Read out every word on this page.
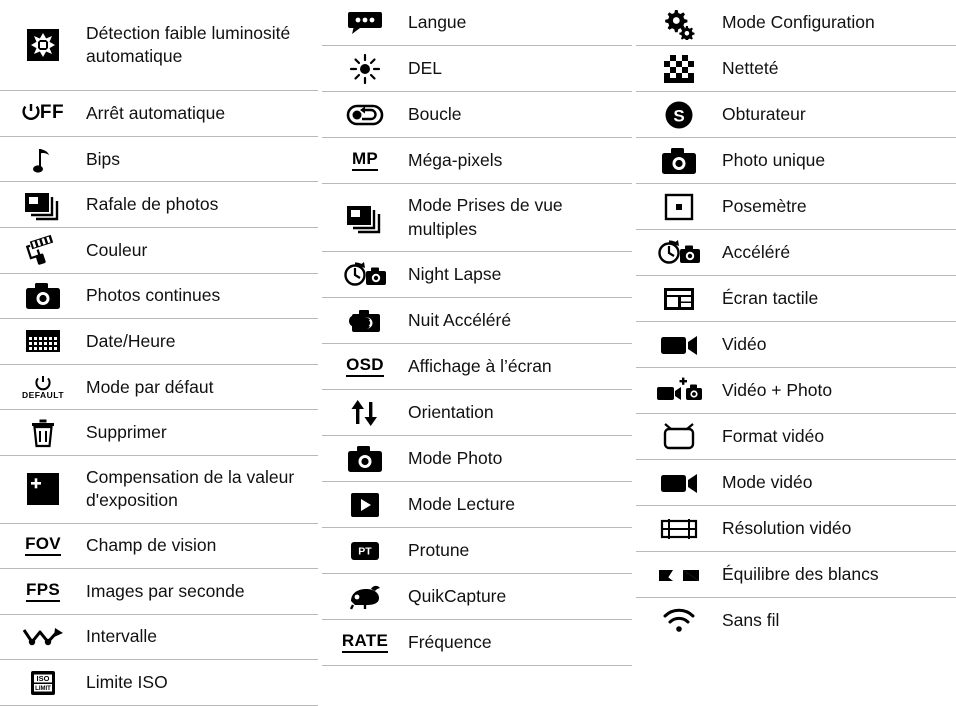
Détection faible luminosité automatique
FF Arrêt automatique
Bips
Rafale de photos
Couleur
Photos continues
Date/Heure
DEFAULT Mode par défaut
Supprimer
Compensation de la valeur d'exposition
FOV Champ de vision
FPS Images par seconde
Intervalle
ISO
LIMIT Limite ISO
Langue
DEL
Boucle
MP Méga-pixels
Mode Prises de vue multiples
Night Lapse
Nuit Accéléré
OSD Affichage à l’écran
Orientation
Mode Photo
Mode Lecture
PT Protune
QuikCapture
RATE Fréquence
Mode Configuration
Netteté
S Obturateur
Photo unique
Posemètre
Accéléré
Écran tactile
Vidéo
Vidéo + Photo
Format vidéo
Mode vidéo
Résolution vidéo
Équilibre des blancs
Sans fil
